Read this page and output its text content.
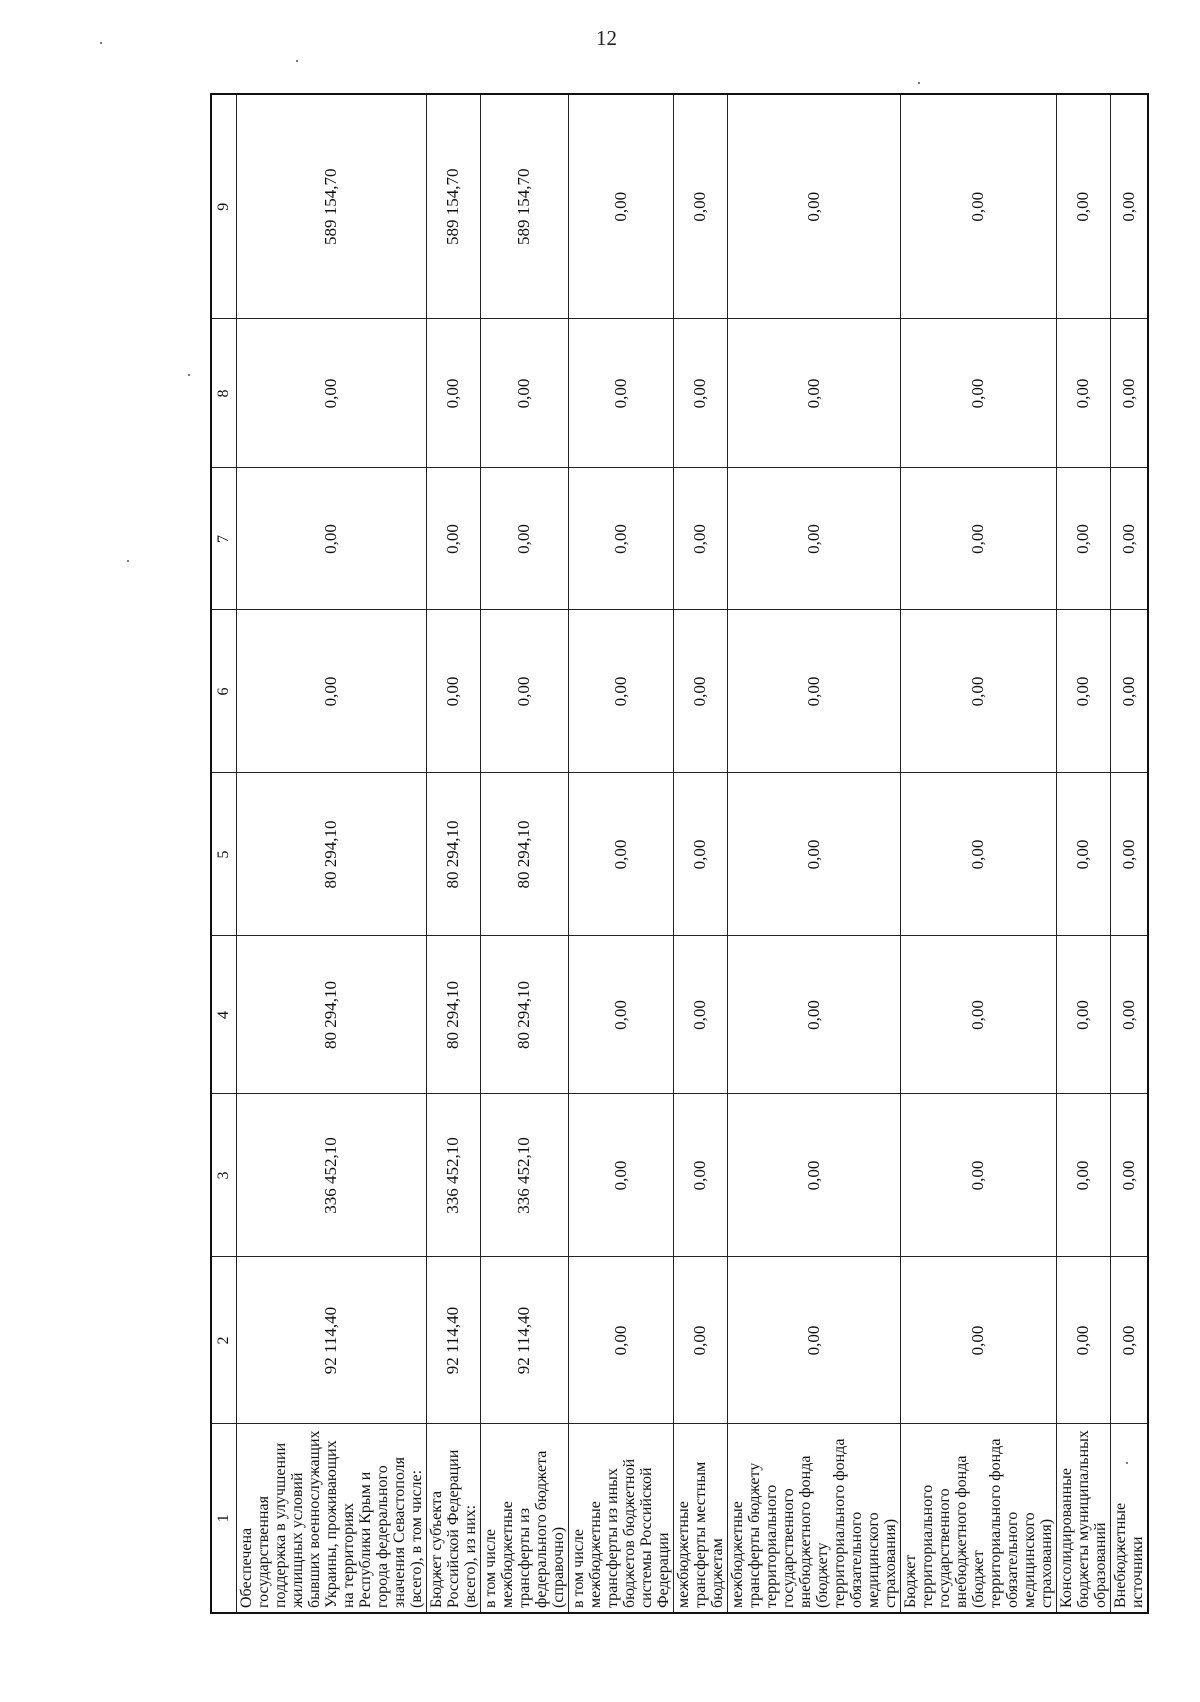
12
1	2	3	4	5	6	7	8	9
Обеспечена государственная поддержка в улучшении жилищных условий бывших военнослужащих Украины, проживающих на территориях Республики Крым и города федерального значения Севастополя (всего), в том числе:	92 114,40	336 452,10	80 294,10	80 294,10	0,00	0,00	0,00	589 154,70
Бюджет субъекта Российской Федерации (всего), из них:	92 114,40	336 452,10	80 294,10	80 294,10	0,00	0,00	0,00	589 154,70
в том числе межбюджетные трансферты из федерального бюджета (справочно)	92 114,40	336 452,10	80 294,10	80 294,10	0,00	0,00	0,00	589 154,70
в том числе межбюджетные трансферты из иных бюджетов бюджетной системы Российской Федерации	0,00	0,00	0,00	0,00	0,00	0,00	0,00	0,00
межбюджетные трансферты местным бюджетам	0,00	0,00	0,00	0,00	0,00	0,00	0,00	0,00
межбюджетные трансферты бюджету территориального государственного внебюджетного фонда (бюджету территориального фонда обязательного медицинского страхования)	0,00	0,00	0,00	0,00	0,00	0,00	0,00	0,00
Бюджет территориального государственного внебюджетного фонда (бюджет территориального фонда обязательного медицинского страхования)	0,00	0,00	0,00	0,00	0,00	0,00	0,00	0,00
Консолидированные бюджеты муниципальных образований	0,00	0,00	0,00	0,00	0,00	0,00	0,00	0,00
Внебюджетные источники	0,00	0,00	0,00	0,00	0,00	0,00	0,00	0,00
